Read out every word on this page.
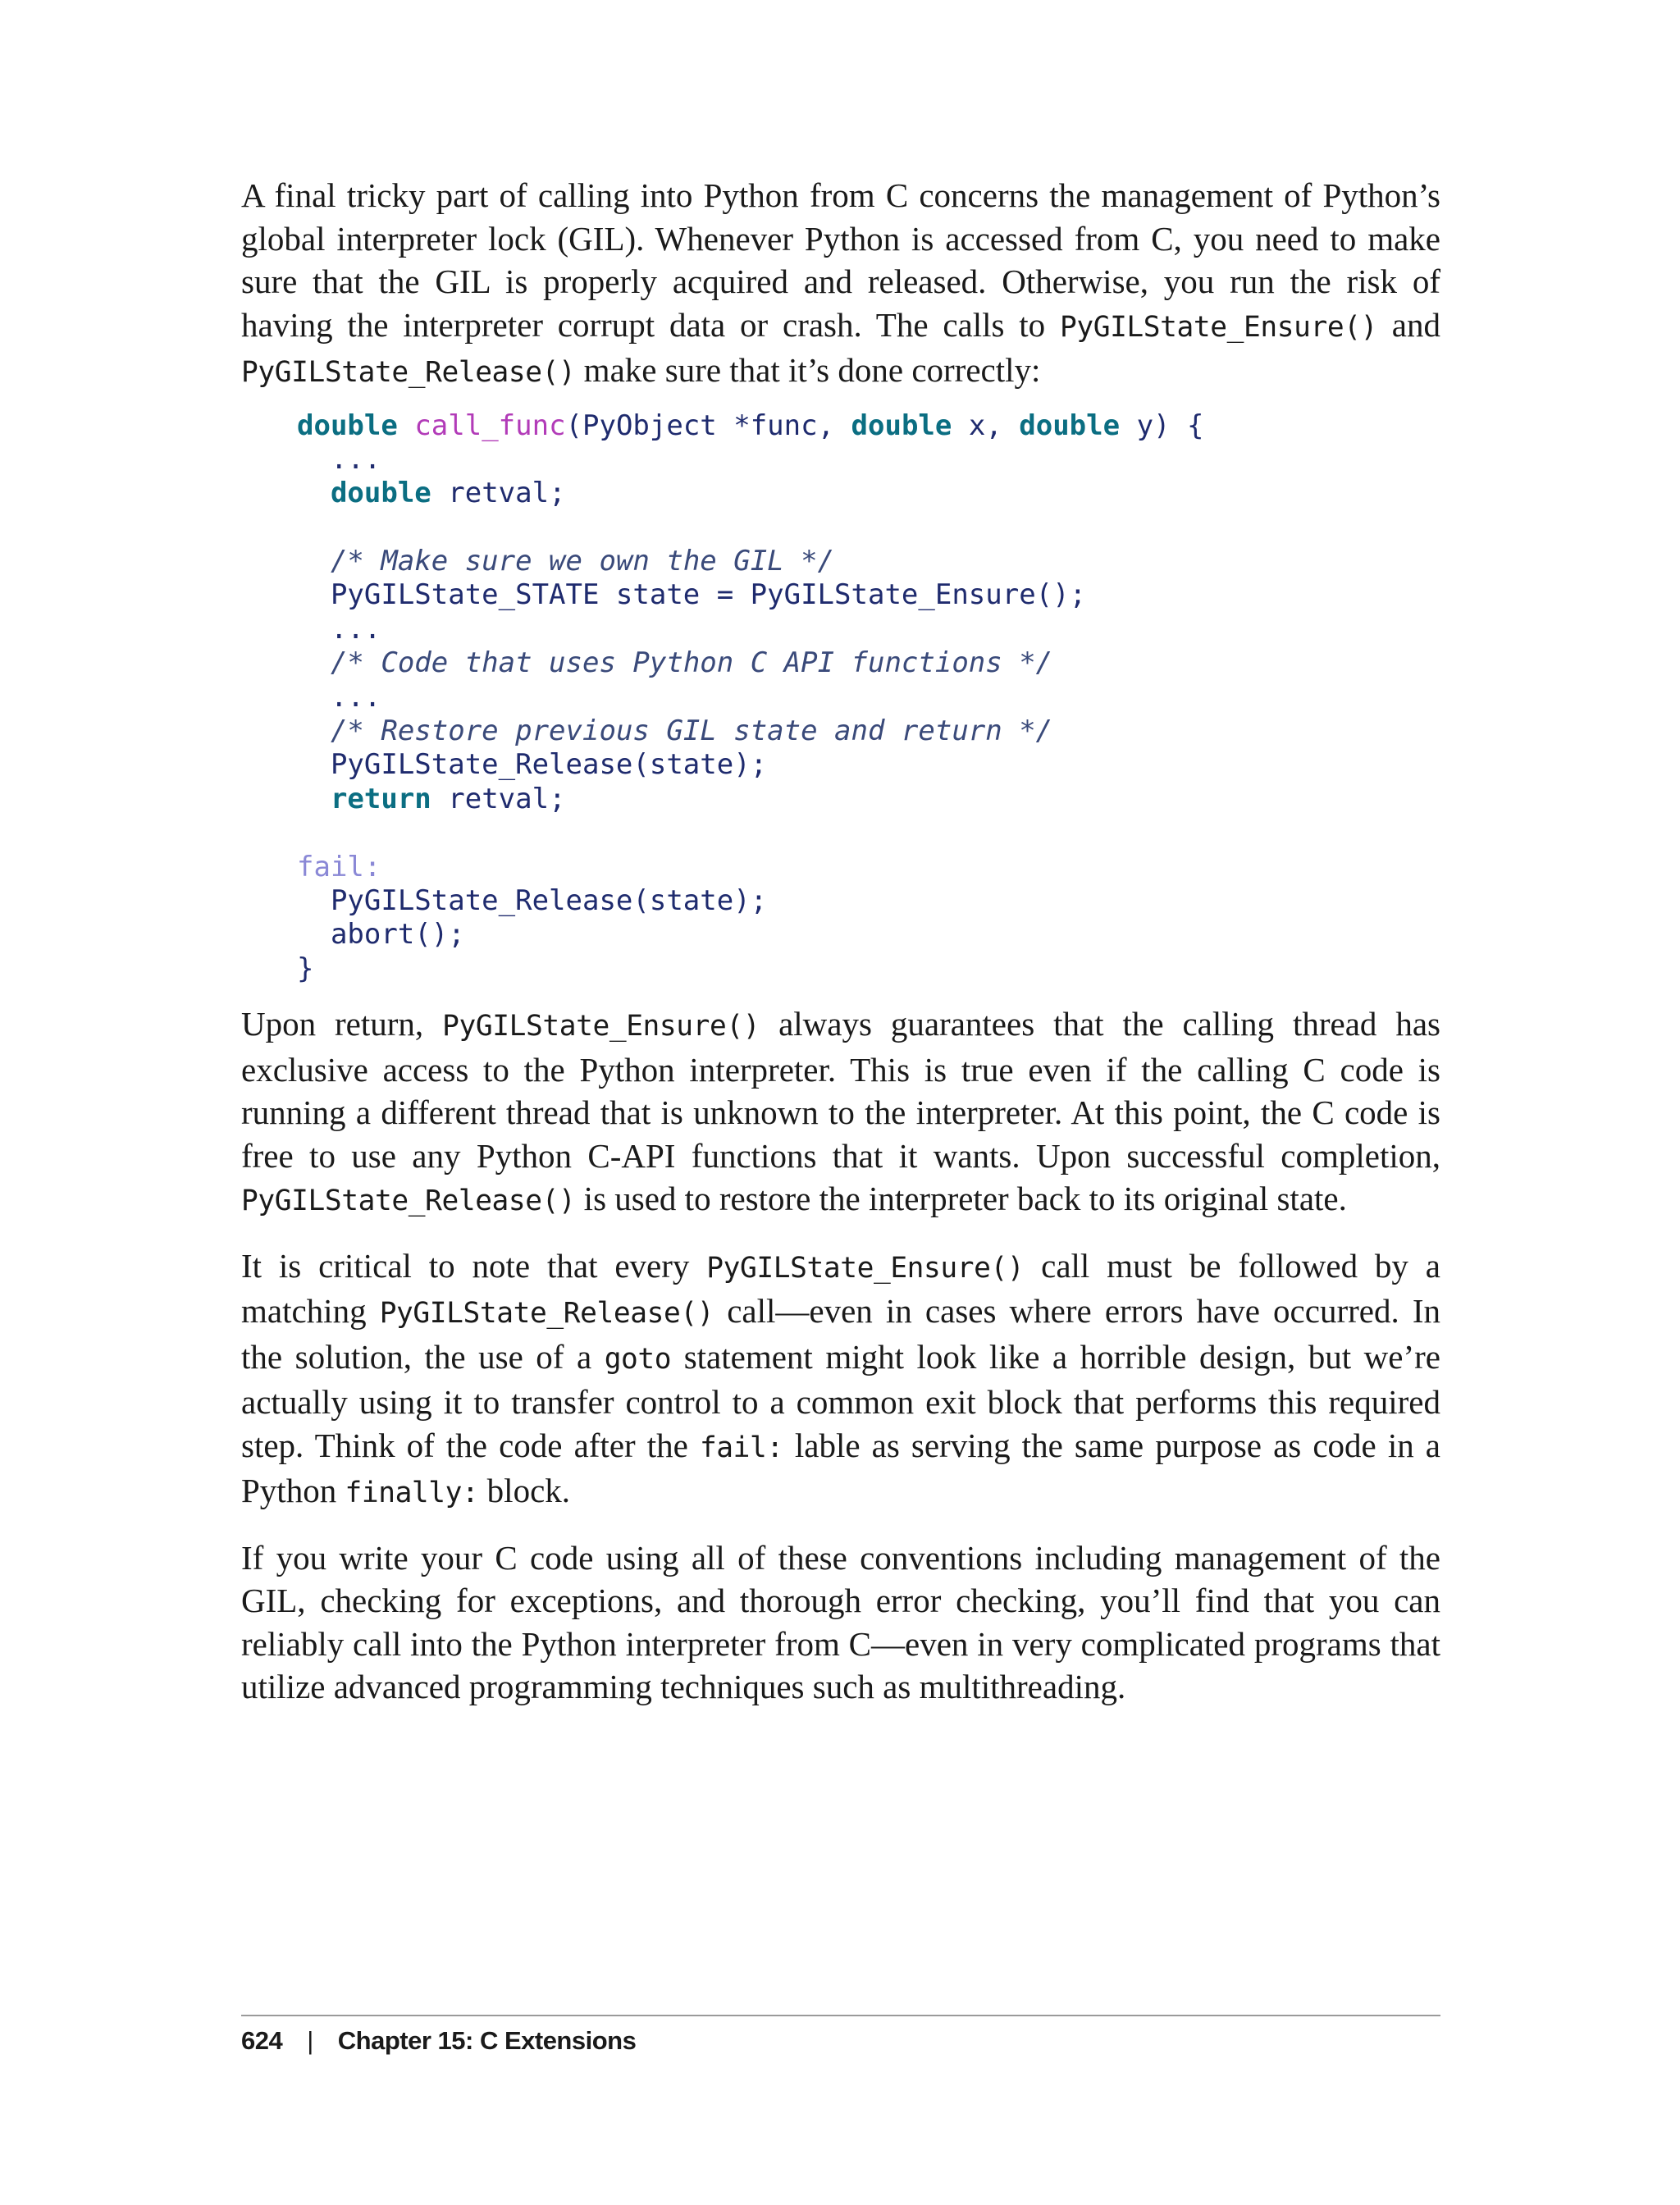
A final tricky part of calling into Python from C concerns the management of Python’s global interpreter lock (GIL). Whenever Python is accessed from C, you need to make sure that the GIL is properly acquired and released. Otherwise, you run the risk of having the interpreter corrupt data or crash. The calls to PyGILState_Ensure() and PyGILState_Release() make sure that it’s done correctly:

double call_func(PyObject *func, double x, double y) {
...
double retval;
/* Make sure we own the GIL */
PyGILState_STATE state = PyGILState_Ensure();
...
/* Code that uses Python C API functions */
...
/* Restore previous GIL state and return */
PyGILState_Release(state);
return retval;
fail:
PyGILState_Release(state);
abort();
}

Upon return, PyGILState_Ensure() always guarantees that the calling thread has exclusive access to the Python interpreter. This is true even if the calling C code is running a different thread that is unknown to the interpreter. At this point, the C code is free to use any Python C-API functions that it wants. Upon successful completion, PyGILState_Release() is used to restore the interpreter back to its original state.

It is critical to note that every PyGILState_Ensure() call must be followed by a matching PyGILState_Release() call—even in cases where errors have occurred. In the solution, the use of a goto statement might look like a horrible design, but we’re actually using it to transfer control to a common exit block that performs this required step. Think of the code after the fail: lable as serving the same purpose as code in a Python finally: block.

If you write your C code using all of these conventions including management of the GIL, checking for exceptions, and thorough error checking, you’ll find that you can reliably call into the Python interpreter from C—even in very complicated programs that utilize advanced programming techniques such as multithreading.

624 | Chapter 15: C Extensions
